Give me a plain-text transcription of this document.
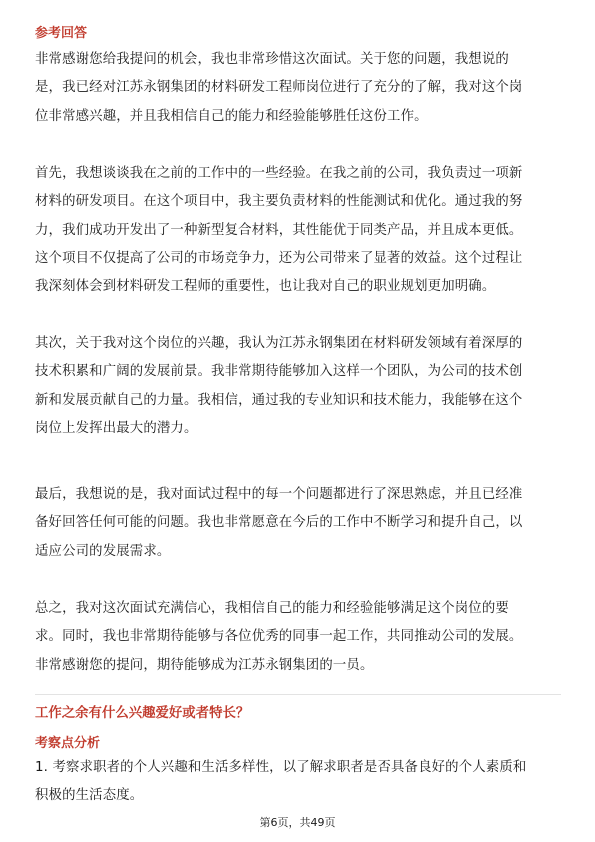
参考回答
非常感谢您给我提问的机会，我也非常珍惜这次面试。关于您的问题，我想说的
是，我已经对江苏永钢集团的材料研发工程师岗位进行了充分的了解，我对这个岗
位非常感兴趣，并且我相信自己的能力和经验能够胜任这份工作。
首先，我想谈谈我在之前的工作中的一些经验。在我之前的公司，我负责过一项新
材料的研发项目。在这个项目中，我主要负责材料的性能测试和优化。通过我的努
力，我们成功开发出了一种新型复合材料，其性能优于同类产品，并且成本更低。
这个项目不仅提高了公司的市场竞争力，还为公司带来了显著的效益。这个过程让
我深刻体会到材料研发工程师的重要性，也让我对自己的职业规划更加明确。
其次，关于我对这个岗位的兴趣，我认为江苏永钢集团在材料研发领域有着深厚的
技术积累和广阔的发展前景。我非常期待能够加入这样一个团队，为公司的技术创
新和发展贡献自己的力量。我相信，通过我的专业知识和技术能力，我能够在这个
岗位上发挥出最大的潜力。
最后，我想说的是，我对面试过程中的每一个问题都进行了深思熟虑，并且已经准
备好回答任何可能的问题。我也非常愿意在今后的工作中不断学习和提升自己，以
适应公司的发展需求。
总之，我对这次面试充满信心，我相信自己的能力和经验能够满足这个岗位的要
求。同时，我也非常期待能够与各位优秀的同事一起工作，共同推动公司的发展。
非常感谢您的提问，期待能够成为江苏永钢集团的一员。
工作之余有什么兴趣爱好或者特长？
考察点分析
1. 考察求职者的个人兴趣和生活多样性，以了解求职者是否具备良好的个人素质和
积极的生活态度。
第6页，共49页
